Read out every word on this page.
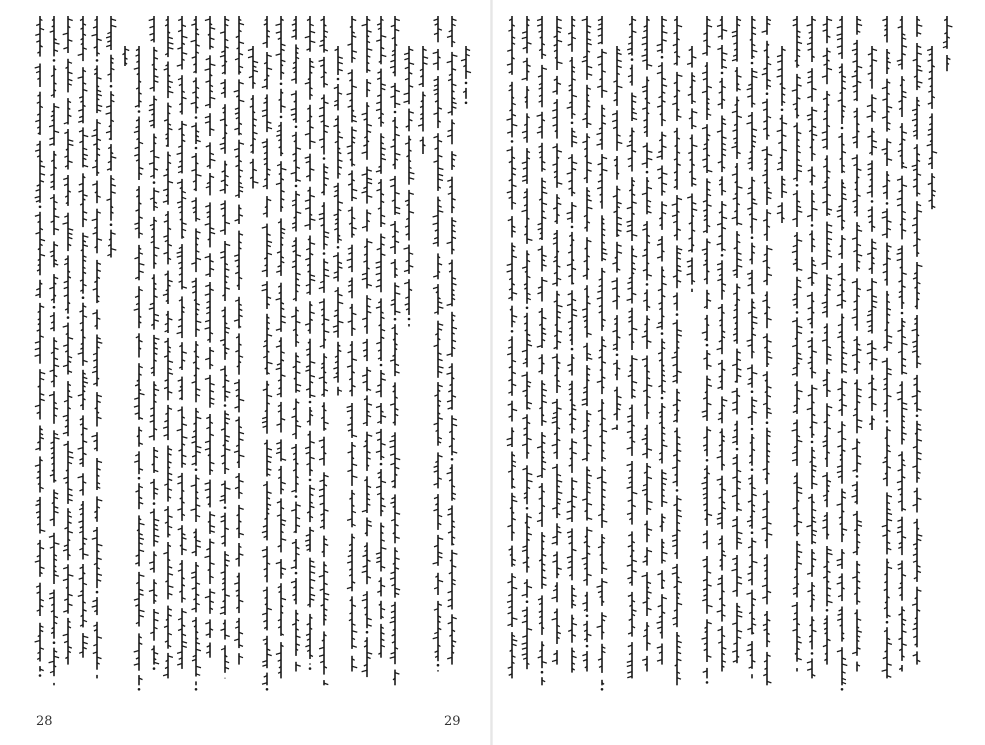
28	29
